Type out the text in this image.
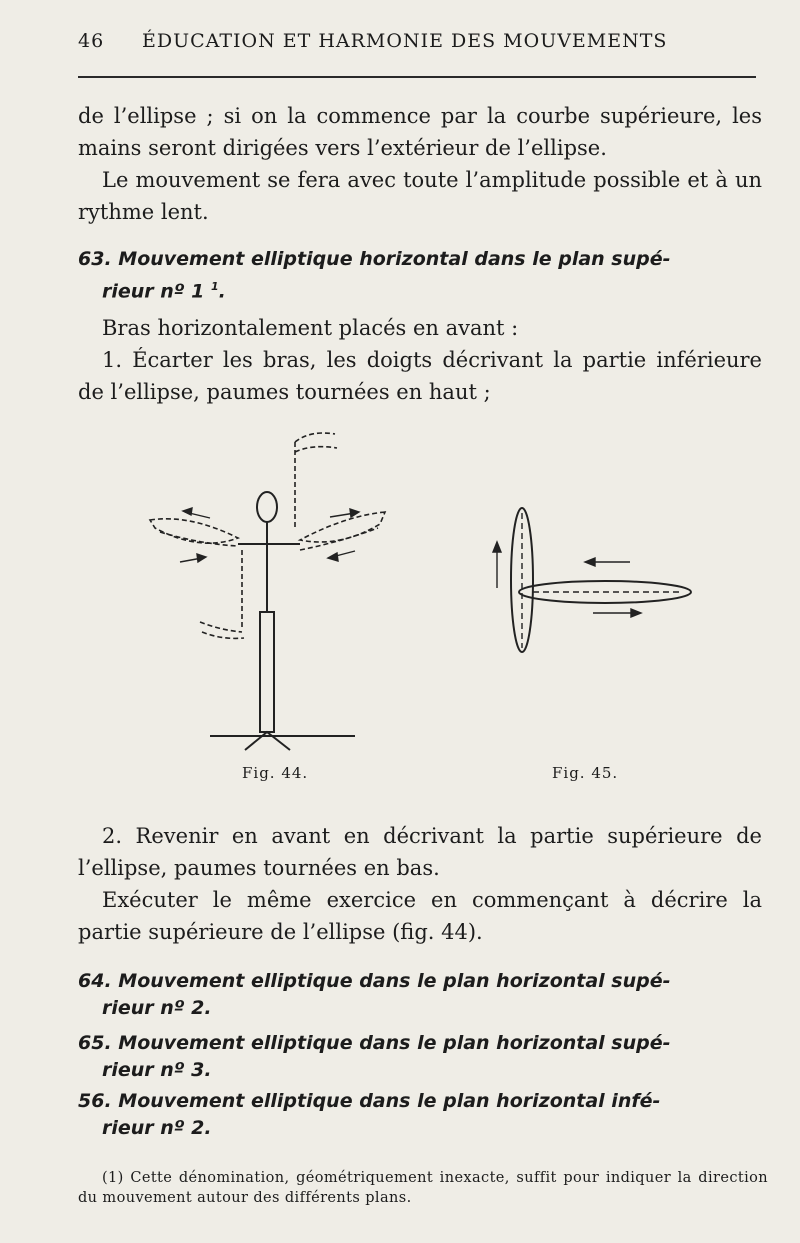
46 ÉDUCATION ET HARMONIE DES MOUVEMENTS

de l’ellipse ; si on la commence par la courbe supérieure, les mains seront dirigées vers l’extérieur de l’ellipse.

Le mouvement se fera avec toute l’amplitude possible et à un rythme lent.

63. Mouvement elliptique horizontal dans le plan supé-
rieur nº 1 $^1$.

Bras horizontalement placés en avant :

1. Écarter les bras, les doigts décrivant la partie inférieure de l’ellipse, paumes tournées en haut ;

Fig. 44.	Fig. 45.

2. Revenir en avant en décrivant la partie supérieure de l’ellipse, paumes tournées en bas.

Exécuter le même exercice en commençant à décrire la partie supérieure de l’ellipse (fig. 44).

64. Mouvement elliptique dans le plan horizontal supé-
rieur nº 2.
65. Mouvement elliptique dans le plan horizontal supé-
rieur nº 3.
56. Mouvement elliptique dans le plan horizontal infé-
rieur nº 2.
(1) Cette dénomination, géométriquement inexacte, suffit pour indiquer la direction du mouvement autour des différents plans.
